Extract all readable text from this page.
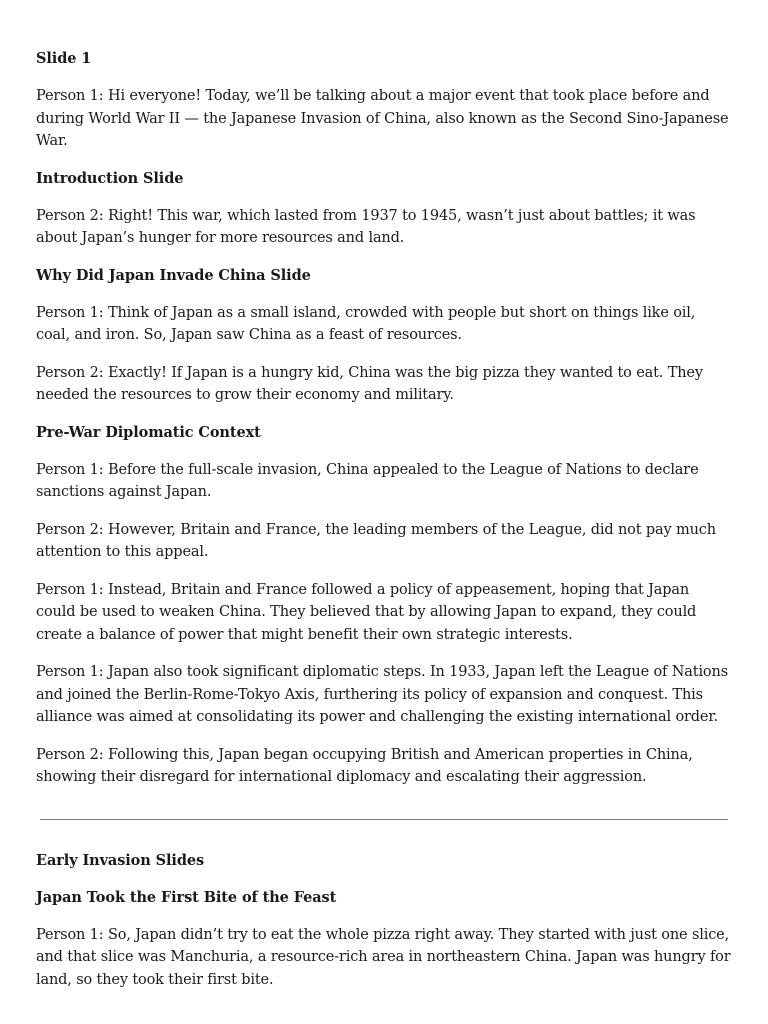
Slide 1
Person 1: Hi everyone! Today, we’ll be talking about a major event that took place before and during World War II — the Japanese Invasion of China, also known as the Second Sino-Japanese War.
Introduction Slide
Person 2: Right! This war, which lasted from 1937 to 1945, wasn’t just about battles; it was about Japan’s hunger for more resources and land.
Why Did Japan Invade China Slide
Person 1: Think of Japan as a small island, crowded with people but short on things like oil, coal, and iron. So, Japan saw China as a feast of resources.
Person 2: Exactly! If Japan is a hungry kid, China was the big pizza they wanted to eat. They needed the resources to grow their economy and military.
Pre-War Diplomatic Context
Person 1: Before the full-scale invasion, China appealed to the League of Nations to declare sanctions against Japan.
Person 2: However, Britain and France, the leading members of the League, did not pay much attention to this appeal.
Person 1: Instead, Britain and France followed a policy of appeasement, hoping that Japan could be used to weaken China. They believed that by allowing Japan to expand, they could create a balance of power that might benefit their own strategic interests.
Person 1: Japan also took significant diplomatic steps. In 1933, Japan left the League of Nations and joined the Berlin-Rome-Tokyo Axis, furthering its policy of expansion and conquest. This alliance was aimed at consolidating its power and challenging the existing international order.
Person 2: Following this, Japan began occupying British and American properties in China, showing their disregard for international diplomacy and escalating their aggression.
Early Invasion Slides
Japan Took the First Bite of the Feast
Person 1: So, Japan didn’t try to eat the whole pizza right away. They started with just one slice, and that slice was Manchuria, a resource-rich area in northeastern China. Japan was hungry for land, so they took their first bite.
